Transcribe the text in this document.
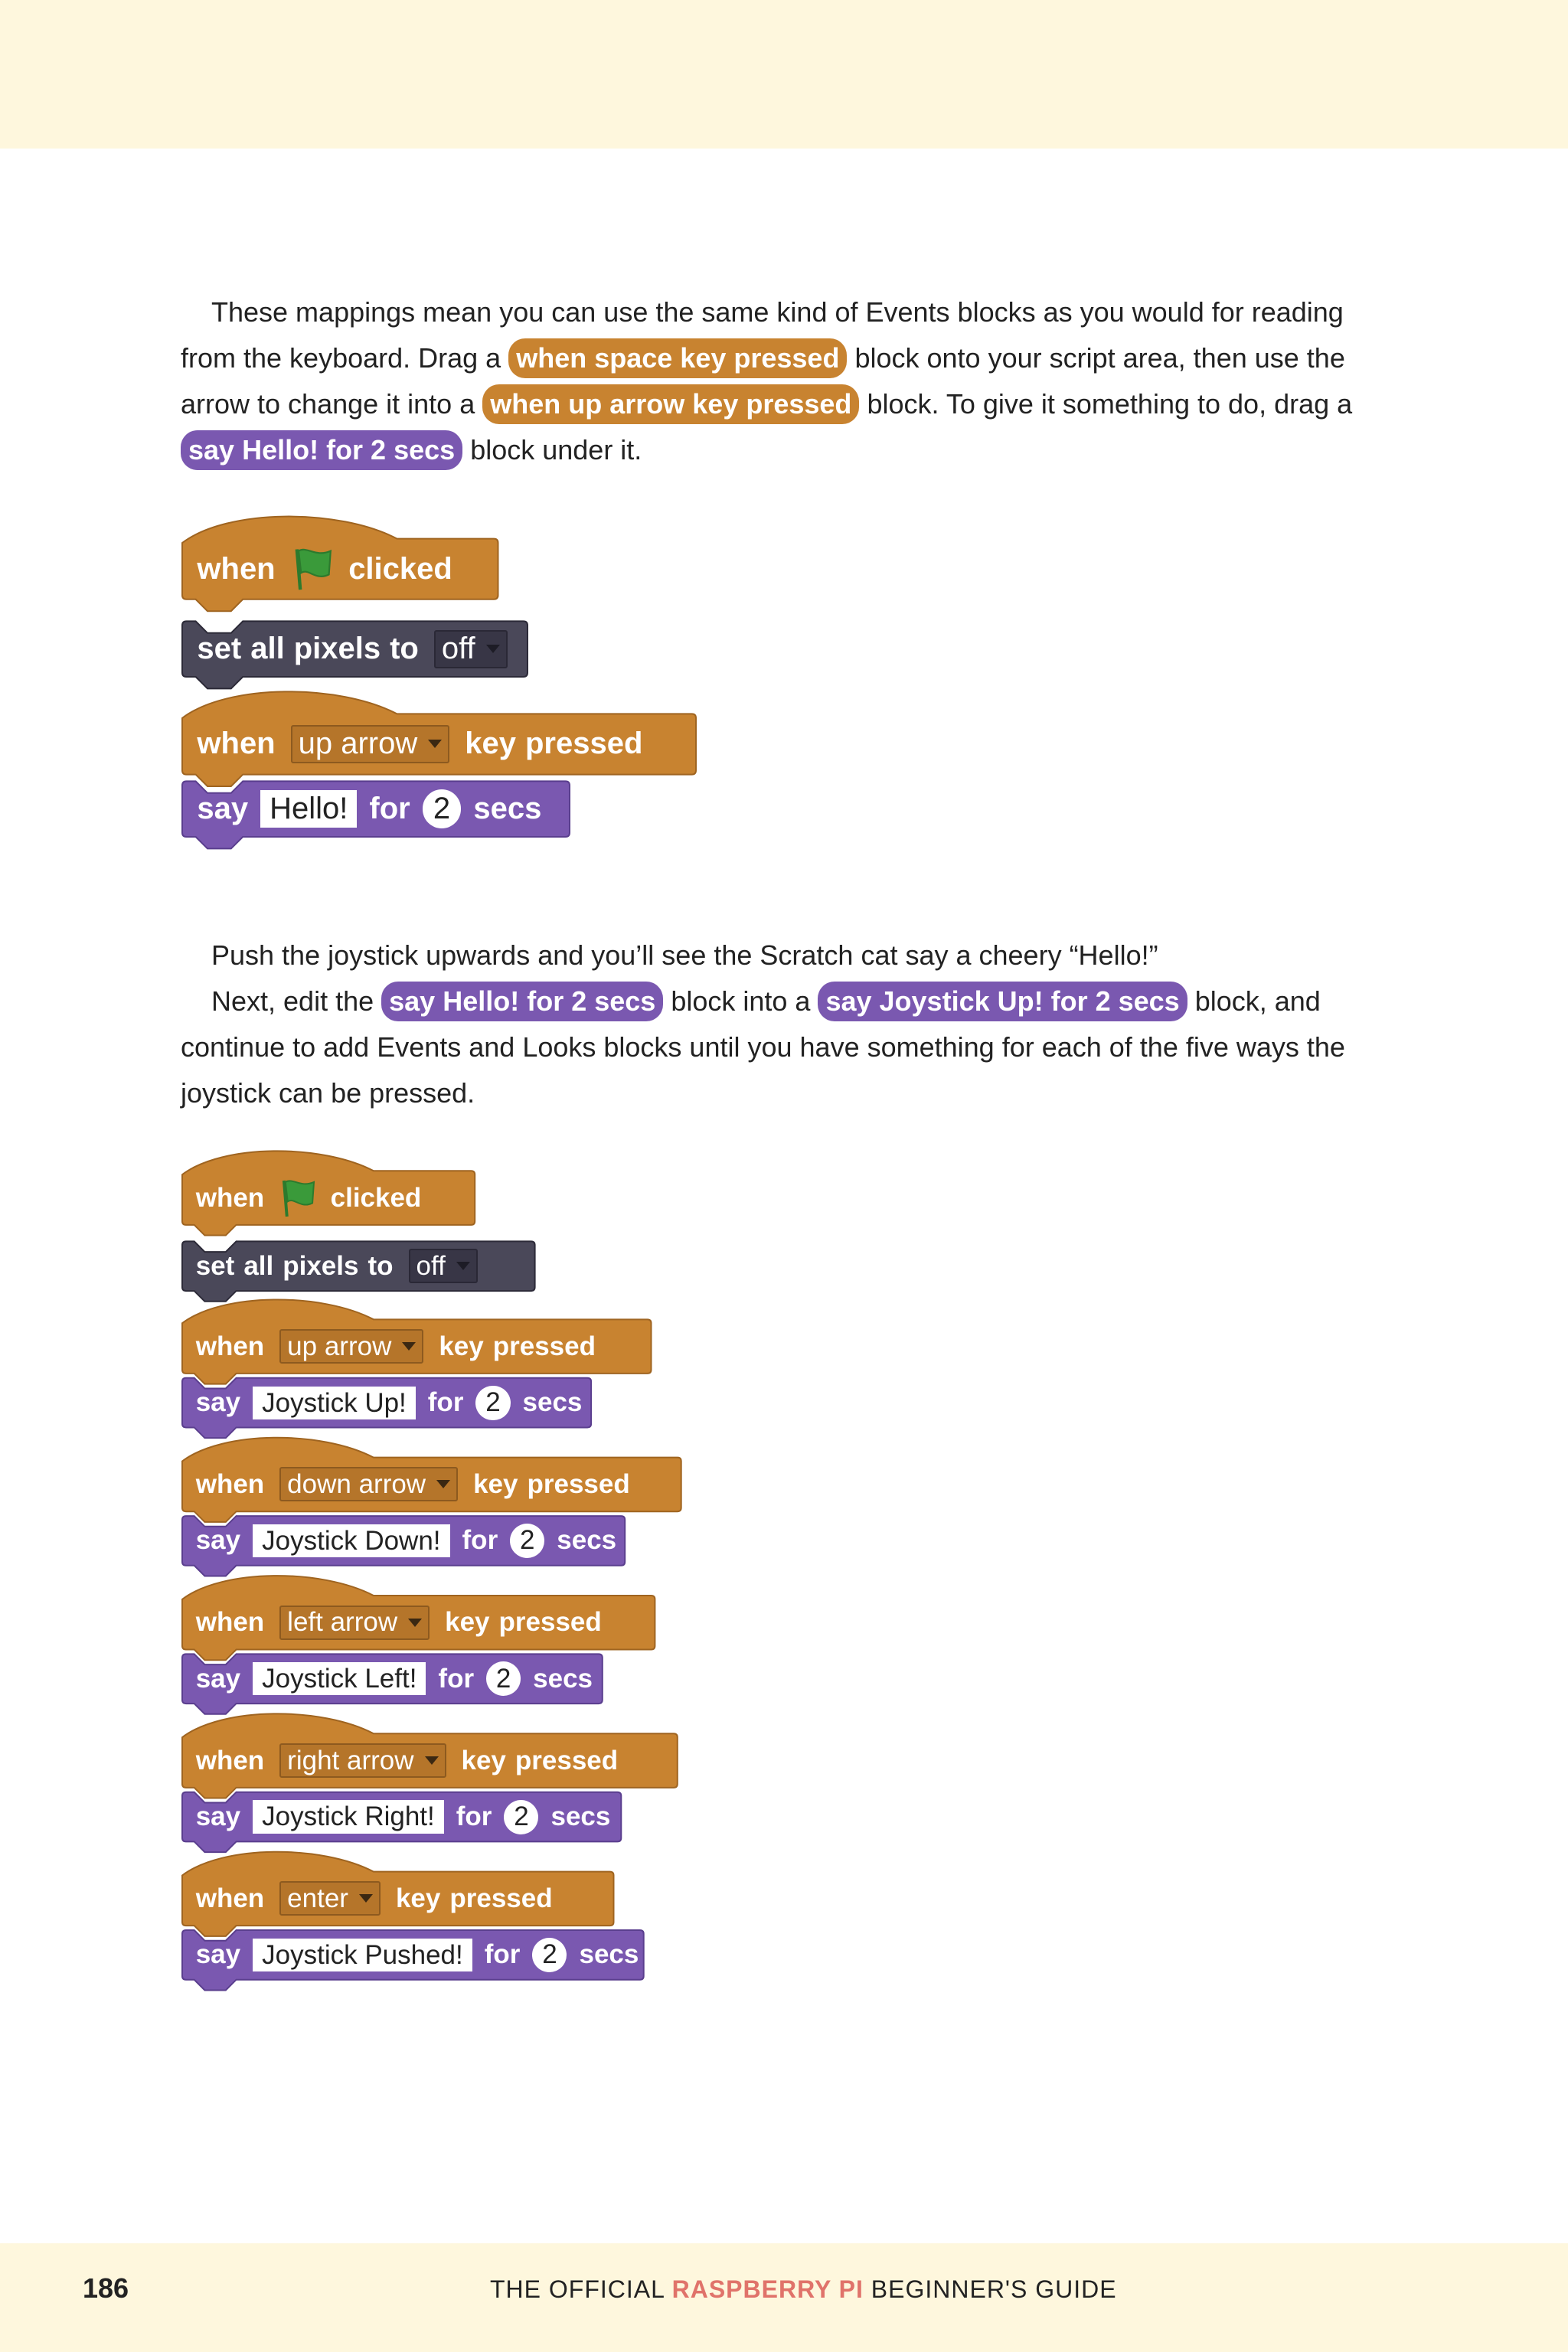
These mappings mean you can use the same kind of Events blocks as you would for reading from the keyboard. Drag a when space key pressed block onto your script area, then use the arrow to change it into a when up arrow key pressed block. To give it something to do, drag a say Hello! for 2 secs block under it.

when clicked
set all pixels to off
when up arrow key pressed
say Hello! for 2 secs

Push the joystick upwards and you’ll see the Scratch cat say a cheery “Hello!”

Next, edit the say Hello! for 2 secs block into a say Joystick Up! for 2 secs block, and continue to add Events and Looks blocks until you have something for each of the five ways the joystick can be pressed.

when clicked
set all pixels to off
when up arrow key pressed
say Joystick Up! for 2 secs
when down arrow key pressed
say Joystick Down! for 2 secs
when left arrow key pressed
say Joystick Left! for 2 secs
when right arrow key pressed
say Joystick Right! for 2 secs
when enter key pressed
say Joystick Pushed! for 2 secs
186	THE OFFICIAL RASPBERRY PI BEGINNER'S GUIDE
